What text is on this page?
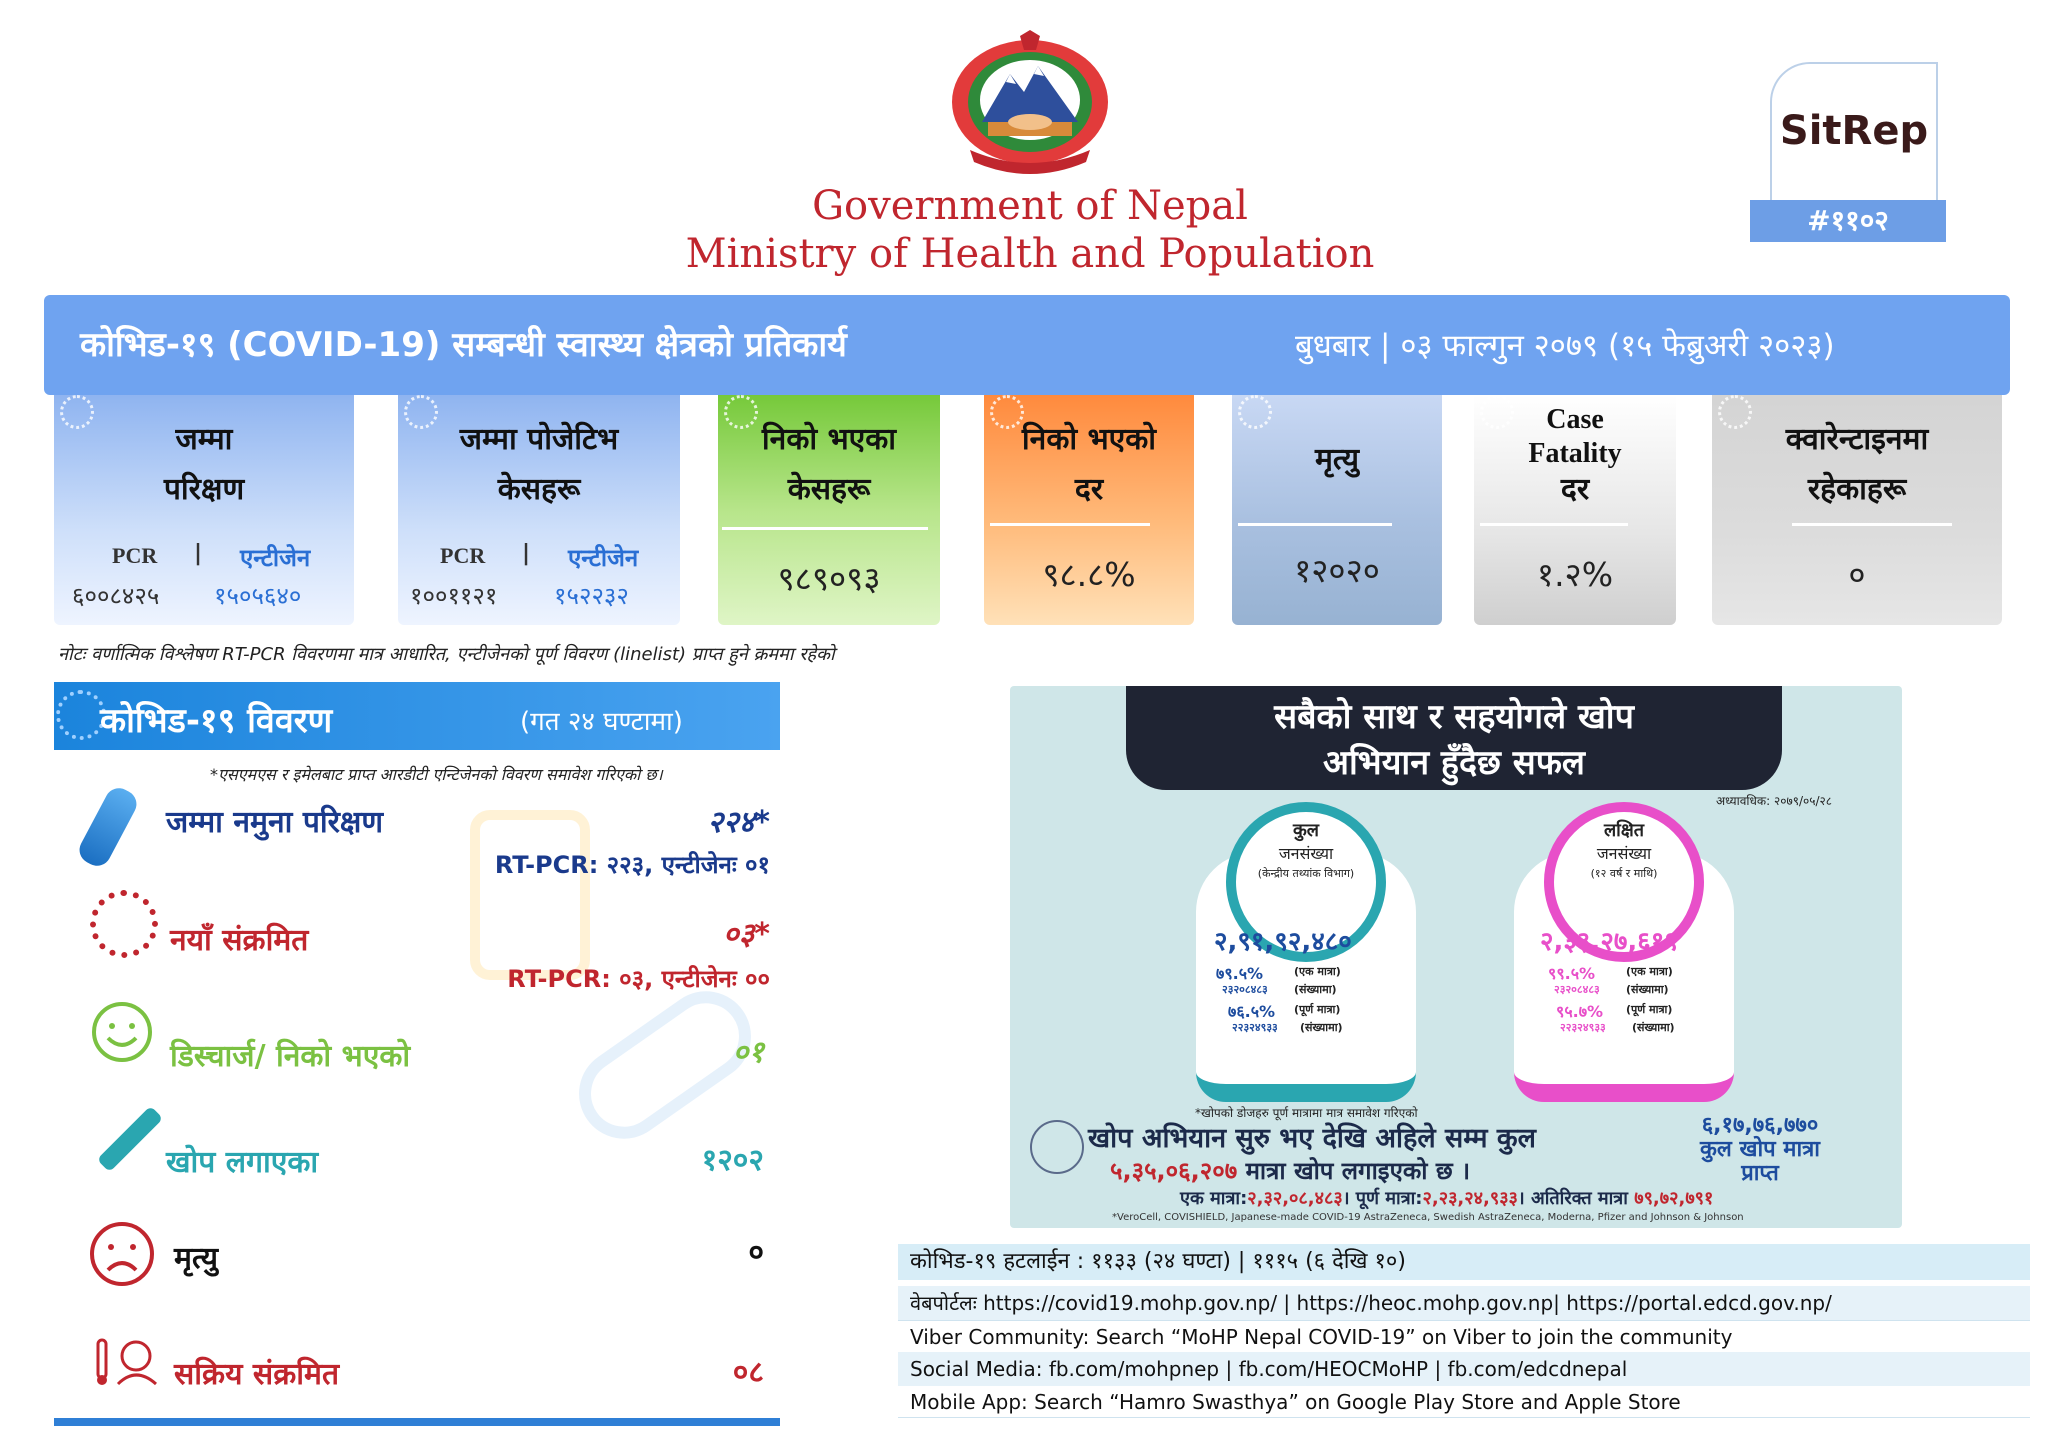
Government of Nepal
Ministry of Health and Population
SitRep
#११०२
कोभिड-१९ (COVID-19) सम्बन्धी स्वास्थ्य क्षेत्रको प्रतिकार्य	बुधबार | ०३ फाल्गुन २०७९ (१५ फेब्रुअरी २०२३)
जम्मा
परिक्षण
PCR | एन्टीजेन
६००८४२५ १५०५६४०
जम्मा पोजेटिभ
केसहरू
PCR | एन्टीजेन
१००११२१ १५२२३२
निको भएका
केसहरू
९८९०९३
निको भएको
दर
९८.८%
मृत्यु
१२०२०
Case
Fatality
दर
१.२%
क्वारेन्टाइनमा
रहेकाहरू
०
नोटः वर्णात्मिक विश्लेषण RT-PCR विवरणमा मात्र आधारित, एन्टीजेनको पूर्ण विवरण (linelist) प्राप्त हुने क्रममा रहेको
कोभिड-१९ विवरण	(गत २४ घण्टामा)
*एसएमएस र इमेलबाट प्राप्त आरडीटी एन्टिजेनको विवरण समावेश गरिएको छ।
जम्मा नमुना परिक्षण	२२४*
RT-PCR: २२३, एन्टीजेनः ०१
नयाँ संक्रमित	०३*
RT-PCR: ०३, एन्टीजेनः ००
डिस्चार्ज/ निको भएको	०१
खोप लगाएका	१२०२
मृत्यु	०
सक्रिय संक्रमित	०८
सबैको साथ र सहयोगले खोप
अभियान हुँदैछ सफल
अध्यावधिक: २०७९/०५/२८
कुल
जनसंख्या
(केन्द्रीय तथ्यांक विभाग)
२,९१,९२,४८०
७९.५%	(एक मात्रा)
२३२०८४८३ (संख्यामा)
७६.५% (पूर्ण मात्रा)
२२३२४९३३ (संख्यामा)
लक्षित
जनसंख्या
(१२ वर्ष र माथि)
२,३३,२७,६१९
९९.५%	(एक मात्रा)
२३२०८४८३ (संख्यामा)
९५.७% (पूर्ण मात्रा)
२२३२४९३३ (संख्यामा)
*खोपको डोजहरु पूर्ण मात्रामा मात्र समावेश गरिएको
खोप अभियान सुरु भए देखि अहिले सम्म कुल
५,३५,०६,२०७ मात्रा खोप लगाइएको छ ।
६,१७,७६,७७०
कुल खोप मात्रा
प्राप्त
एक मात्रा:२,३२,०८,४८३। पूर्ण मात्रा:२,२३,२४,९३३। अतिरिक्त मात्रा ७९,७२,७९१
*VeroCell, COVISHIELD, Japanese-made COVID-19 AstraZeneca, Swedish AstraZeneca, Moderna, Pfizer and Johnson & Johnson
कोभिड-१९ हटलाईन : ११३३ (२४ घण्टा) | १११५ (६ देखि १०)
वेबपोर्टलः https://covid19.mohp.gov.np/ | https://heoc.mohp.gov.np| https://portal.edcd.gov.np/
Viber Community: Search “MoHP Nepal COVID-19” on Viber to join the community
Social Media: fb.com/mohpnep | fb.com/HEOCMoHP | fb.com/edcdnepal
Mobile App: Search “Hamro Swasthya” on Google Play Store and Apple Store
